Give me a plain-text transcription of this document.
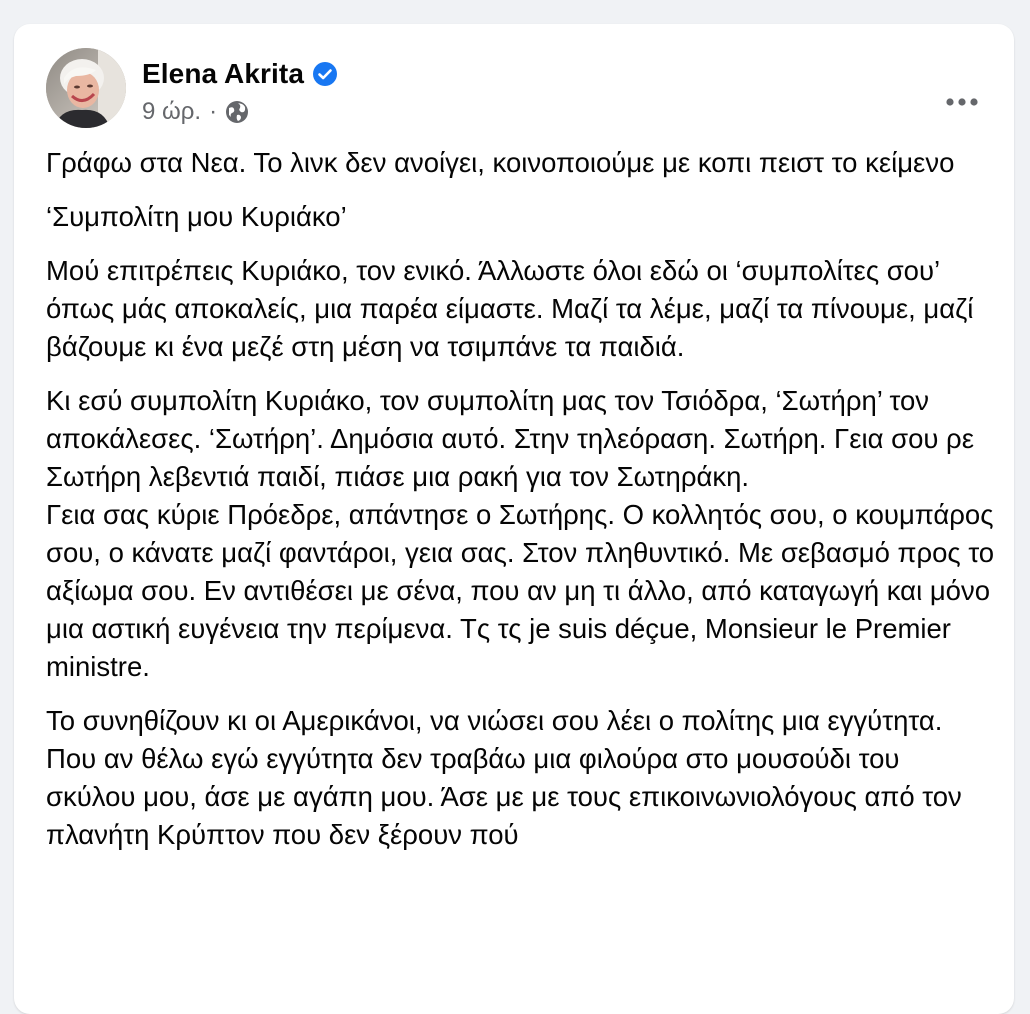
Elena Akrita
9 ώρ. ·

Γράφω στα Νεα. Το λινκ δεν ανοίγει, κοινοποιούμε με κοπι πειστ το κείμενο

‘Συμπολίτη μου Κυριάκο’

Μού επιτρέπεις Κυριάκο, τον ενικό. Άλλωστε όλοι εδώ οι ‘συμπολίτες σου’ όπως μάς αποκαλείς, μια παρέα είμαστε. Μαζί τα λέμε, μαζί τα πίνουμε, μαζί βάζουμε κι ένα μεζέ στη μέση να τσιμπάνε τα παιδιά.

Κι εσύ συμπολίτη Κυριάκο, τον συμπολίτη μας τον Τσιόδρα, ‘Σωτήρη’ τον αποκάλεσες. ‘Σωτήρη’. Δημόσια αυτό. Στην τηλεόραση. Σωτήρη. Γεια σου ρε Σωτήρη λεβεντιά παιδί, πιάσε μια ρακή για τον Σωτηράκη.
Γεια σας κύριε Πρόεδρε, απάντησε ο Σωτήρης. Ο κολλητός σου, ο κουμπάρος σου, ο κάνατε μαζί φαντάροι, γεια σας. Στον πληθυντικό. Με σεβασμό προς το αξίωμα σου. Εν αντιθέσει με σένα, που αν μη τι άλλο, από καταγωγή και μόνο μια αστική ευγένεια την περίμενα. Τς τς je suis déçue, Monsieur le Premier ministre.

Το συνηθίζουν κι οι Αμερικάνοι, να νιώσει σου λέει ο πολίτης μια εγγύτητα. Που αν θέλω εγώ εγγύτητα δεν τραβάω μια φιλούρα στο μουσούδι του σκύλου μου, άσε με αγάπη μου. Άσε με με τους επικοινωνιολόγους από τον πλανήτη Κρύπτον που δεν ξέρουν πού
